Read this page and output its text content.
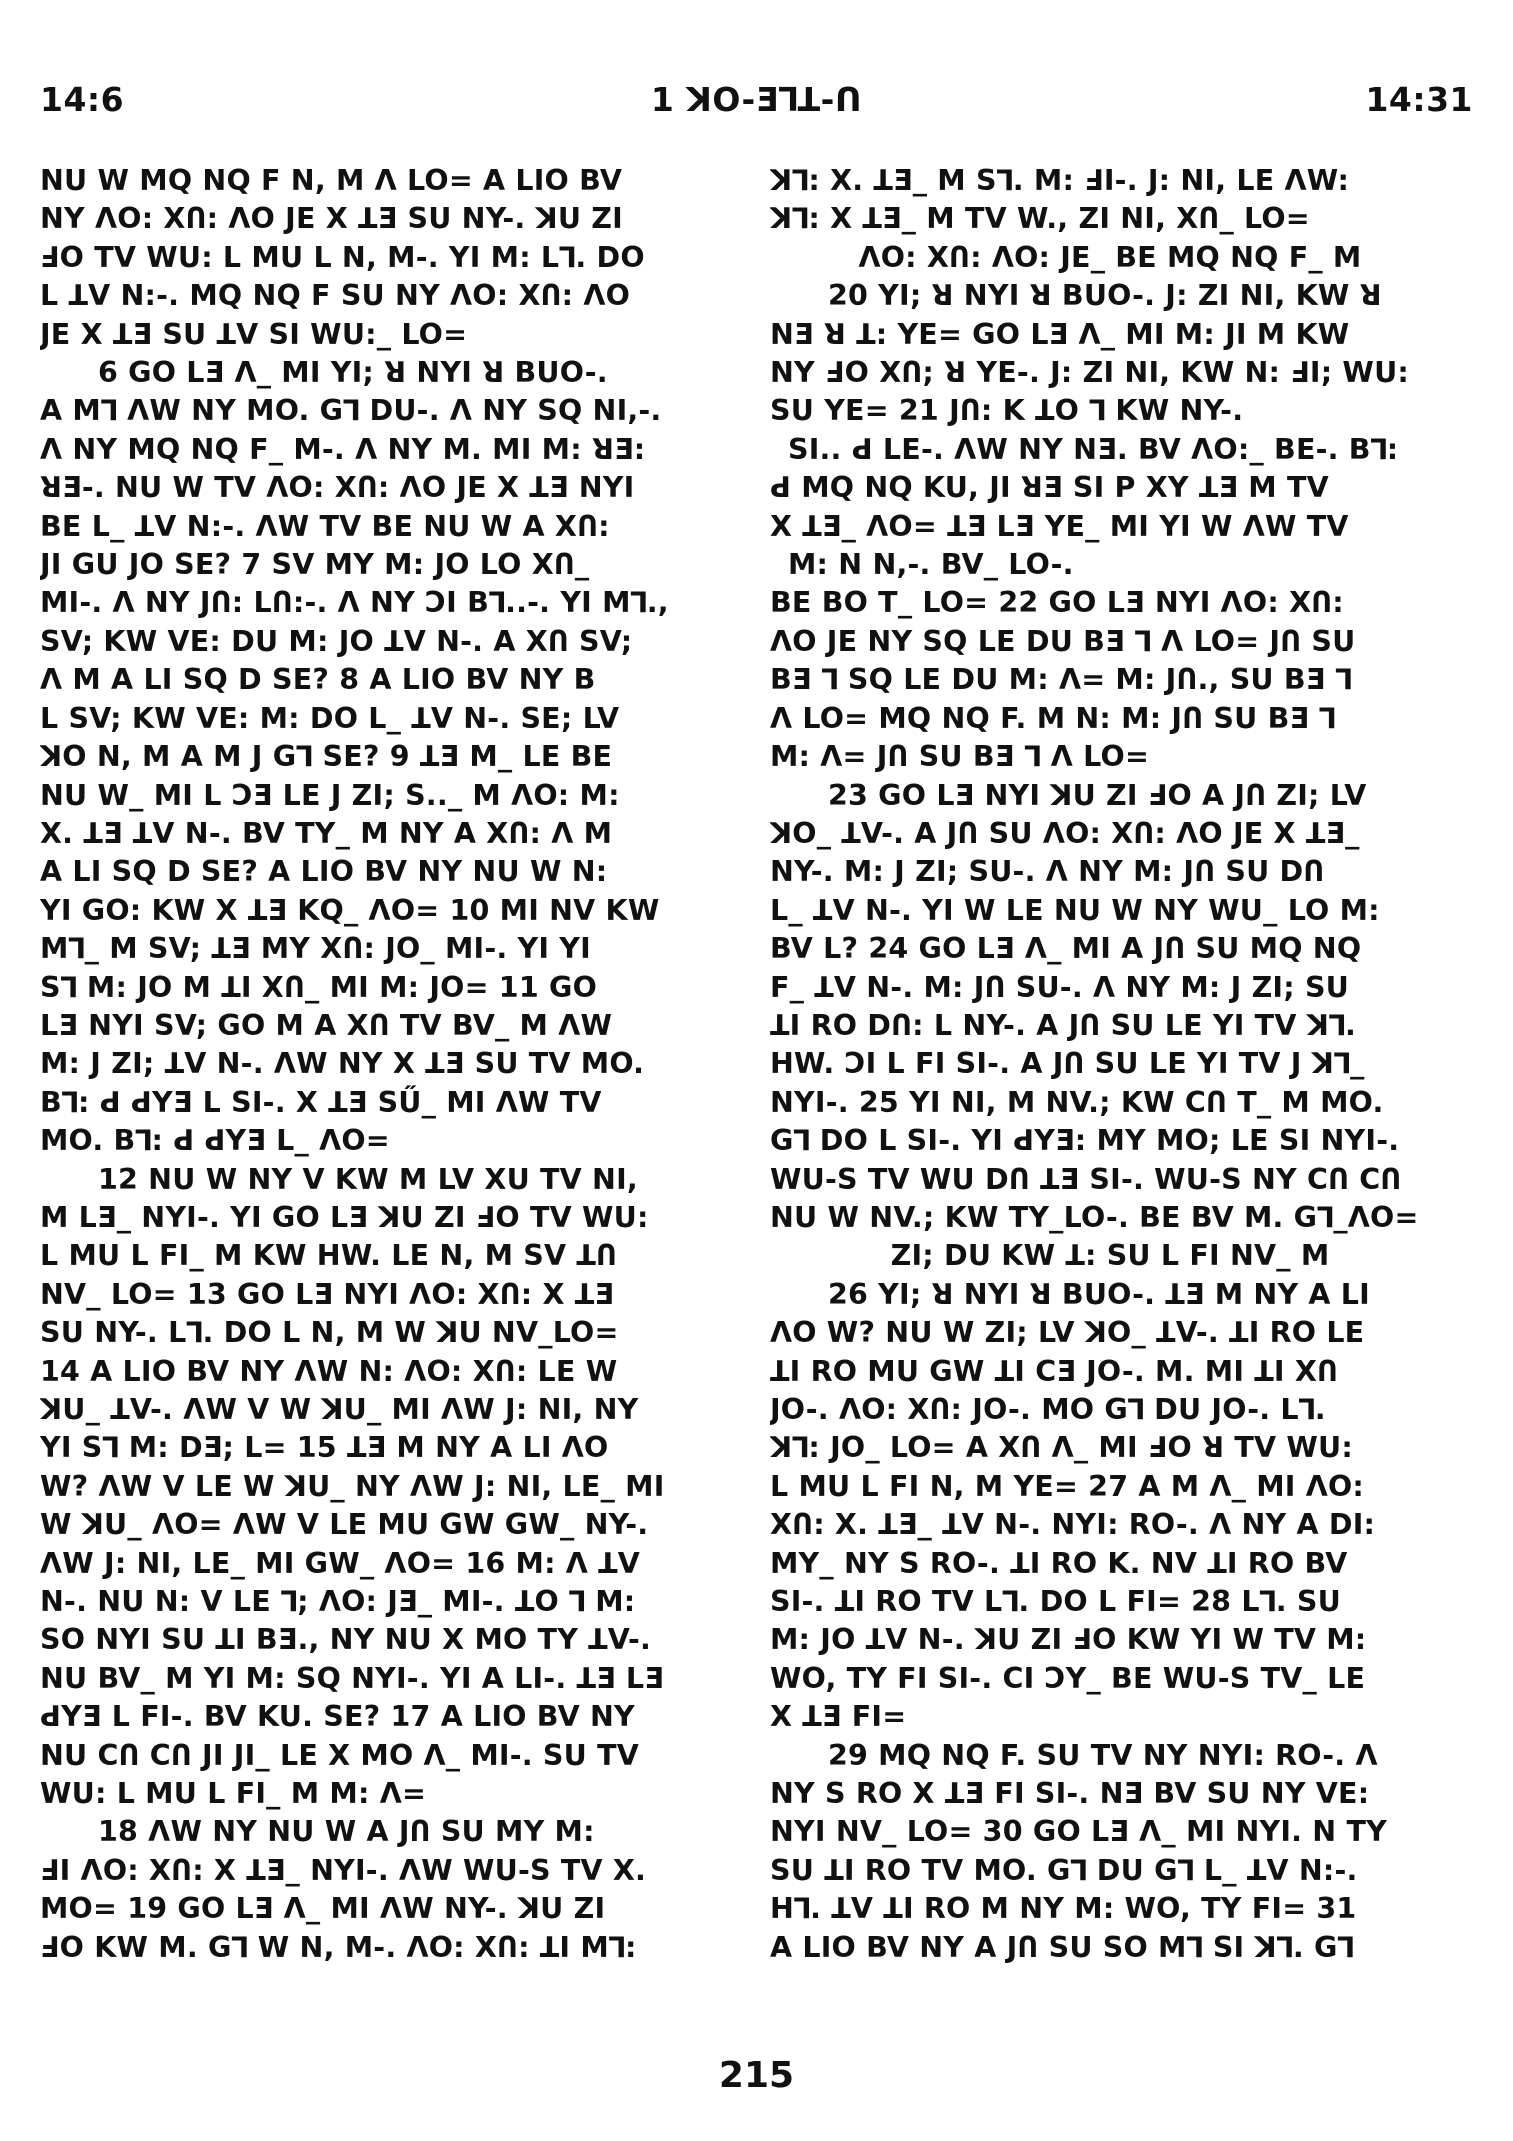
14:6	1 ꓘO-Ǝꓶꓕ-ꓵ	14:31
NU W MQ NQ F N, M Λ LO= A LIO BV
NY ΛO: XՈ: ΛO JE X ꓕƎ SU NY-. ꓘU ZI
ꓞO TV WU: L MU L N, M-. YI M: Lꓶ. DO
L ꓕV N:-. MQ NQ F SU NY ΛO: XՈ: ΛO
JE X ꓕƎ SU ꓕV SI WU:_ LO=
6 GO LƎ Λ_ MI YI; ꓤ NYI ꓤ BUO-.
A Mꓶ ΛW NY MO. Gꓶ DU-. Λ NY SQ NI,-.
Λ NY MQ NQ F_ M-. Λ NY M. MI M: ꓤƎ:
ꓤƎ-. NU W TV ΛO: XՈ: ΛO JE X ꓕƎ NYI
BE L_ ꓕV N:-. ΛW TV BE NU W A XՈ:
JI GU JO SE? 7 SV MY M: JO LO XՈ_
MI-. Λ NY JՈ: LՈ:-. Λ NY ƆI Bꓶ..-. YI Mꓶ.,
SV; KW VE: DU M: JO ꓕV N-. A XՈ SV;
Λ M A LI SQ D SE? 8 A LIO BV NY B
L SV; KW VE: M: DO L_ ꓕV N-. SE; LV
ꓘO N, M A M J Gꓶ SE? 9 ꓕƎ M_ LE BE
NU W_ MI L ƆƎ LE J ZI; S.._ M ΛO: M:
X. ꓕƎ ꓕV N-. BV TY_ M NY A XՈ: Λ M
A LI SQ D SE? A LIO BV NY NU W N:
YI GO: KW X ꓕƎ KQ_ ΛO= 10 MI NV KW
Mꓶ_ M SV; ꓕƎ MY XՈ: JO_ MI-. YI YI
Sꓶ M: JO M ꓕI XՈ_ MI M: JO= 11 GO
LƎ NYI SV; GO M A XՈ TV BV_ M ΛW
M: J ZI; ꓕV N-. ΛW NY X ꓕƎ SU TV MO.
Bꓶ: ꓒ ꓒYƎ L SI-. X ꓕƎ SŰ_ MI ΛW TV
MO. Bꓶ: ꓒ ꓒYƎ L_ ΛO=
12 NU W NY V KW M LV XU TV NI,
M LƎ_ NYI-. YI GO LƎ ꓘU ZI ꓞO TV WU:
L MU L FI_ M KW HW. LE N, M SV ꓕՈ
NV_ LO= 13 GO LƎ NYI ΛO: XՈ: X ꓕƎ
SU NY-. Lꓶ. DO L N, M W ꓘU NV_LO=
14 A LIO BV NY ΛW N: ΛO: XՈ: LE W
ꓘU_ ꓕV-. ΛW V W ꓘU_ MI ΛW J: NI, NY
YI Sꓶ M: DƎ; L= 15 ꓕƎ M NY A LI ΛO
W? ΛW V LE W ꓘU_ NY ΛW J: NI, LE_ MI
W ꓘU_ ΛO= ΛW V LE MU GW GW_ NY-.
ΛW J: NI, LE_ MI GW_ ΛO= 16 M: Λ ꓕV
N-. NU N: V LE ꓶ; ΛO: JƎ_ MI-. ꓕO ꓶ M:
SO NYI SU ꓕI BƎ., NY NU X MO TY ꓕV-.
NU BV_ M YI M: SQ NYI-. YI A LI-. ꓕƎ LƎ
ꓒYƎ L FI-. BV KU. SE? 17 A LIO BV NY
NU CՈ CՈ JI JI_ LE X MO Λ_ MI-. SU TV
WU: L MU L FI_ M M: Λ=
18 ΛW NY NU W A JՈ SU MY M:
ꓞI ΛO: XՈ: X ꓕƎ_ NYI-. ΛW WU-S TV X.
MO= 19 GO LƎ Λ_ MI ΛW NY-. ꓘU ZI
ꓞO KW M. Gꓶ W N, M-. ΛO: XՈ: ꓕI Mꓶ:
ꓘꓶ: X. ꓕƎ_ M Sꓶ. M: ꓞI-. J: NI, LE ΛW:
ꓘꓶ: X ꓕƎ_ M TV W., ZI NI, XՈ_ LO=
ΛO: XՈ: ΛO: JE_ BE MQ NQ F_ M
20 YI; ꓤ NYI ꓤ BUO-. J: ZI NI, KW ꓤ
NƎ ꓤ ꓕ: YE= GO LƎ Λ_ MI M: JI M KW
NY ꓞO XՈ; ꓤ YE-. J: ZI NI, KW N: ꓞI; WU:
SU YE= 21 JՈ: K ꓕO ꓶ KW NY-.
SI.. ꓒ LE-. ΛW NY NƎ. BV ΛO:_ BE-. Bꓶ:
ꓒ MQ NQ KU, JI ꓤƎ SI P XY ꓕƎ M TV
X ꓕƎ_ ΛO= ꓕƎ LƎ YE_ MI YI W ΛW TV
M: N N,-. BV_ LO-.
BE BO T_ LO= 22 GO LƎ NYI ΛO: XՈ:
ΛO JE NY SQ LE DU BƎ ꓶ Λ LO= JՈ SU
BƎ ꓶ SQ LE DU M: Λ= M: JՈ., SU BƎ ꓶ
Λ LO= MQ NQ F. M N: M: JՈ SU BƎ ꓶ
M: Λ= JՈ SU BƎ ꓶ Λ LO=
23 GO LƎ NYI ꓘU ZI ꓞO A JՈ ZI; LV
ꓘO_ ꓕV-. A JՈ SU ΛO: XՈ: ΛO JE X ꓕƎ_
NY-. M: J ZI; SU-. Λ NY M: JՈ SU DՈ
L_ ꓕV N-. YI W LE NU W NY WU_ LO M:
BV L? 24 GO LƎ Λ_ MI A JՈ SU MQ NQ
F_ ꓕV N-. M: JՈ SU-. Λ NY M: J ZI; SU
ꓕI RO DՈ: L NY-. A JՈ SU LE YI TV ꓘꓶ.
HW. ƆI L FI SI-. A JՈ SU LE YI TV J ꓘꓶ_
NYI-. 25 YI NI, M NV.; KW CՈ T_ M MO.
Gꓶ DO L SI-. YI ꓒYƎ: MY MO; LE SI NYI-.
WU-S TV WU DՈ ꓕƎ SI-. WU-S NY CՈ CՈ
NU W NV.; KW TY_LO-. BE BV M. Gꓶ_ΛO=
ZI; DU KW ꓕ: SU L FI NV_ M
26 YI; ꓤ NYI ꓤ BUO-. ꓕƎ M NY A LI
ΛO W? NU W ZI; LV ꓘO_ ꓕV-. ꓕI RO LE
ꓕI RO MU GW ꓕI CƎ JO-. M. MI ꓕI XՈ
JO-. ΛO: XՈ: JO-. MO Gꓶ DU JO-. Lꓶ.
ꓘꓶ: JO_ LO= A XՈ Λ_ MI ꓞO ꓤ TV WU:
L MU L FI N, M YE= 27 A M Λ_ MI ΛO:
XՈ: X. ꓕƎ_ ꓕV N-. NYI: RO-. Λ NY A DI:
MY_ NY S RO-. ꓕI RO K. NV ꓕI RO BV
SI-. ꓕI RO TV Lꓶ. DO L FI= 28 Lꓶ. SU
M: JO ꓕV N-. ꓘU ZI ꓞO KW YI W TV M:
WO, TY FI SI-. CI ƆY_ BE WU-S TV_ LE
X ꓕƎ FI=
29 MQ NQ F. SU TV NY NYI: RO-. Λ
NY S RO X ꓕƎ FI SI-. NƎ BV SU NY VE:
NYI NV_ LO= 30 GO LƎ Λ_ MI NYI. N TY
SU ꓕI RO TV MO. Gꓶ DU Gꓶ L_ ꓕV N:-.
Hꓶ. ꓕV ꓕI RO M NY M: WO, TY FI= 31
A LIO BV NY A JՈ SU SO Mꓶ SI ꓘꓶ. Gꓶ
215
